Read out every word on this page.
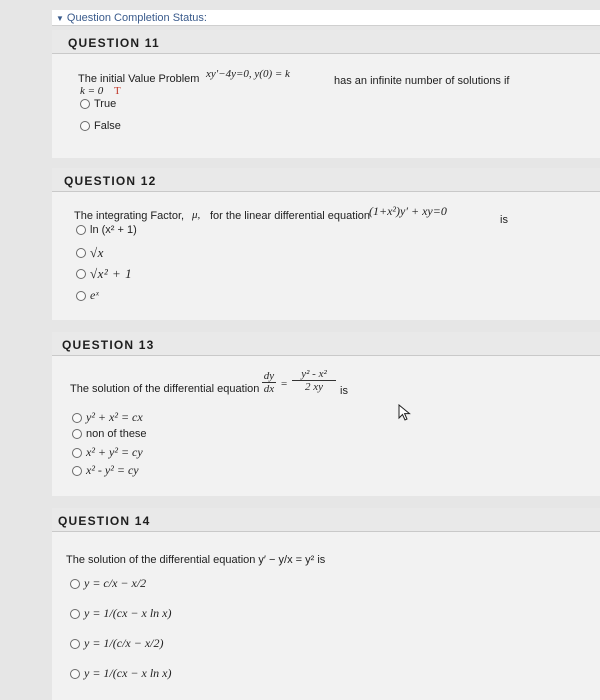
▼ Question Completion Status:
QUESTION 11
The initial Value Problem xy′−4y=0, y(0) = k
has an infinite number of solutions if
k = 0 T
True
False
QUESTION 12
The integrating Factor, μ, for the linear differential equation
(1+x²)y′ + xy=0
is
ln (x² + 1)
√x
√x² + 1
eˣ
QUESTION 13
The solution of the differential equation
dy
dx =
y² - x²
2 xy is
y² + x² = cx
non of these
x² + y² = cy
x² - y² = cy
QUESTION 14
The solution of the differential equation y′ − y/x = y² is
y = c/x − x/2
y = 1/(cx − x ln x)
y = 1/(c/x − x/2)
y = 1/(cx − x ln x)
